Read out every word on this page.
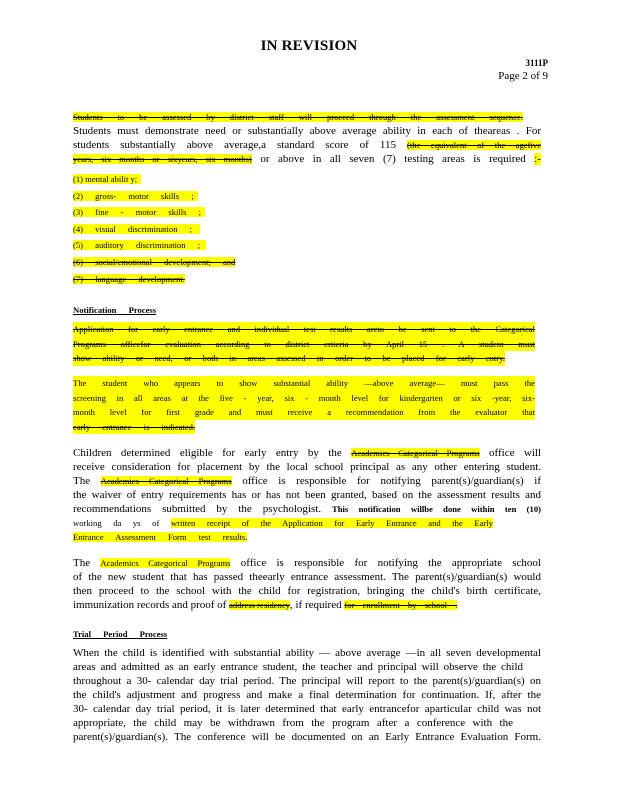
IN REVISION
3111P
Page 2 of 9
Students to be assessed by district staff will proceed through the assessment sequence.
Students must demonstrate need or substantially above average ability in each of theareas . For
students substantially above average,a standard score of 115 (the equivalent of the agefive
years, six months or sixyears, six months) or above in all seven (7) testing areas is required :-
(1) mental abilit y;
(2) gross- motor skills ;
(3) fine - motor skills ;
(4) visual discrimination ;
(5) auditory discrimination ;
(6) social/emotional development; and
(7) language development.
Notification Process
Application for early entrance and individual test results areto be sent to the Categorical
Programs officefor evaluation according to district criteria by April 15 . A student must
show ability or need, or both in areas assessed in order to be placed for early entry.
The student who appears to show substantial ability —above average— must pass the
screening in all areas at the five - year, six - month level for kindergarten or six -year, six-
month level for first grade and must receive a recommendation from the evaluator that
early entrance is indicated.
Children determined eligible for early entry by the Academics Categorical Programs office will
receive consideration for placement by the local school principal as any other entering student.
The Academics Categorical Programs office is responsible for notifying parent(s)/guardian(s) if
the waiver of entry requirements has or has not been granted, based on the assessment results and
recommendations submitted by the psychologist. This notification willbe done within ten (10)
working da ys of written receipt of the Application for Early Entrance and the Early
Entrance Assessment Form test results.
The Academics Categorical Programs office is responsible for notifying the appropriate school
of the new student that has passed theearly entrance assessment. The parent(s)/guardian(s) would
then proceed to the school with the child for registration, bringing the child's birth certificate,
immunization records and proof of address residency, if required for enrollment by school .
Trial Period Process
When the child is identified with substantial ability — above average —in all seven developmental
areas and admitted as an early entrance student, the teacher and principal will observe the child
throughout a 30- calendar day trial period. The principal will report to the parent(s)/guardian(s) on
the child's adjustment and progress and make a final determination for continuation. If, after the
30- calendar day trial period, it is later determined that early entrancefor aparticular child was not
appropriate, the child may be withdrawn from the program after a conference with the
parent(s)/guardian(s). The conference will be documented on an Early Entrance Evaluation Form.
